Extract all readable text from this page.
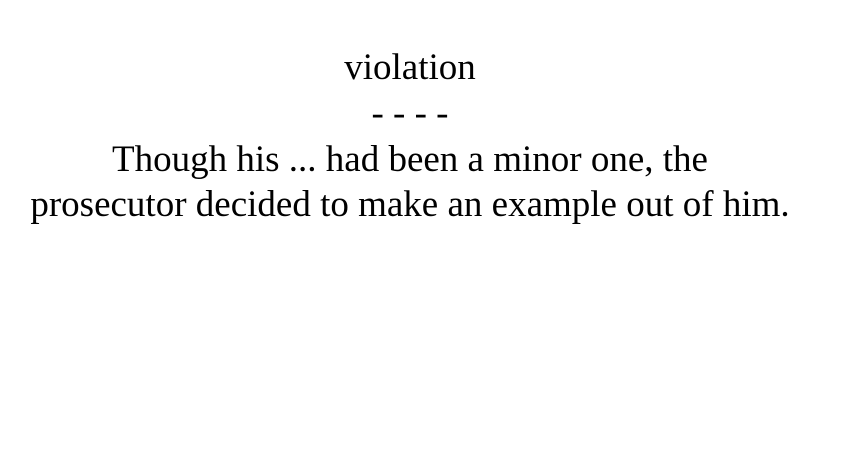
violation
- - - -
Though his ... had been a minor one, the prosecutor decided to make an example out of him.
